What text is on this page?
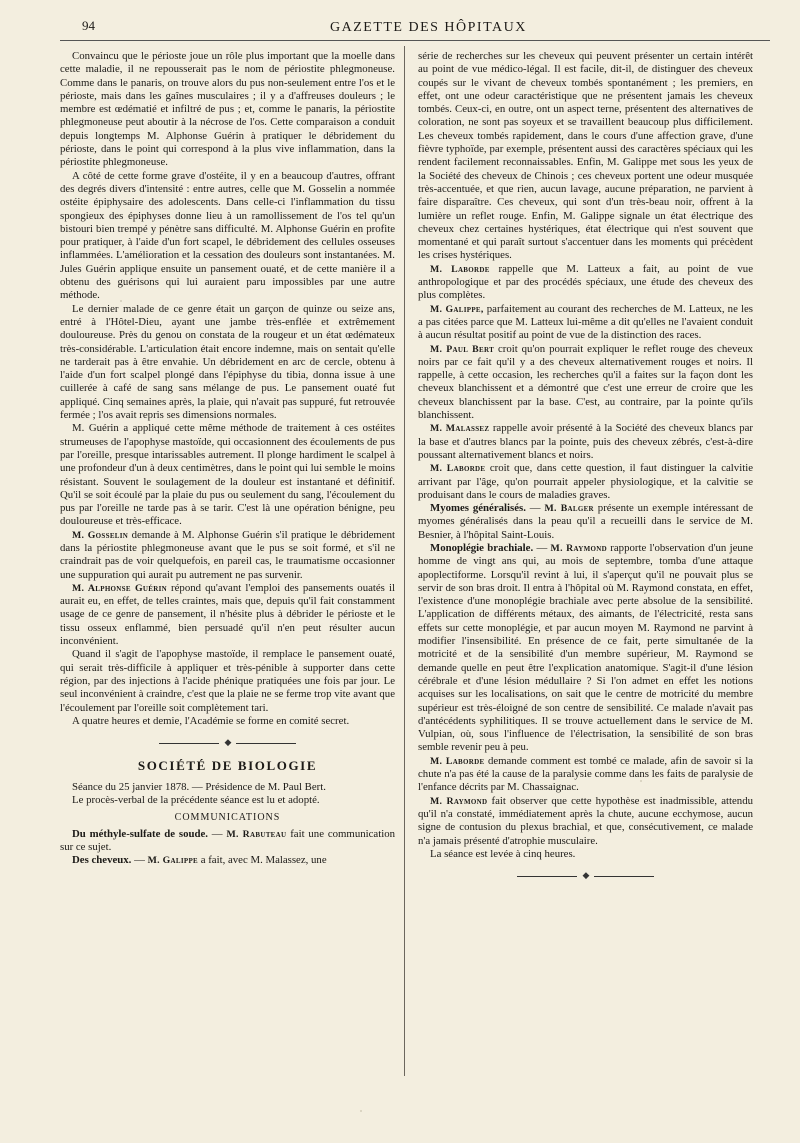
94	GAZETTE DES HÔPITAUX

Convaincu que le périoste joue un rôle plus important que la moelle dans cette maladie, il ne repousserait pas le nom de périostite phlegmoneuse. Comme dans le panaris, on trouve alors du pus non-seulement entre l'os et le périoste, mais dans les gaînes musculaires ; il y a d'affreuses douleurs ; le membre est œdématié et infiltré de pus ; et, comme le panaris, la périostite phlegmoneuse peut aboutir à la nécrose de l'os. Cette comparaison a conduit depuis longtemps M. Alphonse Guérin à pratiquer le débridement du périoste, dans le point qui correspond à la plus vive inflammation, dans la périostite phlegmoneuse.

A côté de cette forme grave d'ostéite, il y en a beaucoup d'autres, offrant des degrés divers d'intensité : entre autres, celle que M. Gosselin a nommée ostéite épiphysaire des adolescents. Dans celle-ci l'inflammation du tissu spongieux des épiphyses donne lieu à un ramollissement de l'os tel qu'un bistouri bien trempé y pénètre sans difficulté. M. Alphonse Guérin en profite pour pratiquer, à l'aide d'un fort scapel, le débridement des cellules osseuses inflammées. L'amélioration et la cessation des douleurs sont instantanées. M. Jules Guérin applique ensuite un pansement ouaté, et de cette manière il a obtenu des guérisons qui lui auraient paru impossibles par une autre méthode.

Le dernier malade de ce genre était un garçon de quinze ou seize ans, entré à l'Hôtel-Dieu, ayant une jambe très-enflée et extrêmement douloureuse. Près du genou on constata de la rougeur et un état œdémateux très-considérable. L'articulation était encore indemne, mais on sentait qu'elle ne tarderait pas à être envahie. Un débridement en arc de cercle, obtenu à l'aide d'un fort scalpel plongé dans l'épiphyse du tibia, donna issue à une cuillerée à café de sang sans mélange de pus. Le pansement ouaté fut appliqué. Cinq semaines après, la plaie, qui n'avait pas suppuré, fut retrouvée fermée ; l'os avait repris ses dimensions normales.

M. Guérin a appliqué cette même méthode de traitement à ces ostéites strumeuses de l'apophyse mastoïde, qui occasionnent des écoulements de pus par l'oreille, presque intarissables autrement. Il plonge hardiment le scalpel à une profondeur d'un à deux centimètres, dans le point qui lui semble le moins résistant. Souvent le soulagement de la douleur est instantané et définitif. Qu'il se soit écoulé par la plaie du pus ou seulement du sang, l'écoulement du pus par l'oreille ne tarde pas à se tarir. C'est là une opération bénigne, peu douloureuse et très-efficace.

M. Gosselin demande à M. Alphonse Guérin s'il pratique le débridement dans la périostite phlegmoneuse avant que le pus se soit formé, et s'il ne craindrait pas de voir quelquefois, en pareil cas, le traumatisme occasionner une suppuration qui aurait pu autrement ne pas survenir.

M. Alphonse Guérin répond qu'avant l'emploi des pansements ouatés il aurait eu, en effet, de telles craintes, mais que, depuis qu'il fait constamment usage de ce genre de pansement, il n'hésite plus à débrider le périoste et le tissu osseux enflammé, bien persuadé qu'il n'en peut résulter aucun inconvénient.

Quand il s'agit de l'apophyse mastoïde, il remplace le pansement ouaté, qui serait très-difficile à appliquer et très-pénible à supporter dans cette région, par des injections à l'acide phénique pratiquées une fois par jour. Le seul inconvénient à craindre, c'est que la plaie ne se ferme trop vite avant que l'écoulement par l'oreille soit complètement tari.

A quatre heures et demie, l'Académie se forme en comité secret.

◆
SOCIÉTÉ DE BIOLOGIE

Séance du 25 janvier 1878. — Présidence de M. Paul Bert.

Le procès-verbal de la précédente séance est lu et adopté.

COMMUNICATIONS

Du méthyle-sulfate de soude. — M. Rabuteau fait une communication sur ce sujet.

Des cheveux. — M. Galippe a fait, avec M. Malassez, une

série de recherches sur les cheveux qui peuvent présenter un certain intérêt au point de vue médico-légal. Il est facile, dit-il, de distinguer des cheveux coupés sur le vivant de cheveux tombés spontanément ; les premiers, en effet, ont une odeur caractéristique que ne présentent jamais les cheveux tombés. Ceux-ci, en outre, ont un aspect terne, présentent des alternatives de coloration, ne sont pas soyeux et se travaillent beaucoup plus difficilement. Les cheveux tombés rapidement, dans le cours d'une affection grave, d'une fièvre typhoïde, par exemple, présentent aussi des caractères spéciaux qui les rendent facilement reconnaissables. Enfin, M. Galippe met sous les yeux de la Société des cheveux de Chinois ; ces cheveux portent une odeur musquée très-accentuée, et que rien, aucun lavage, aucune préparation, ne parvient à faire disparaître. Ces cheveux, qui sont d'un très-beau noir, offrent à la lumière un reflet rouge. Enfin, M. Galippe signale un état électrique des cheveux chez certaines hystériques, état électrique qui n'est souvent que momentané et qui paraît surtout s'accentuer dans les moments qui précèdent les crises hystériques.

M. Laborde rappelle que M. Latteux a fait, au point de vue anthropologique et par des procédés spéciaux, une étude des cheveux des plus complètes.

M. Galippe, parfaitement au courant des recherches de M. Latteux, ne les a pas citées parce que M. Latteux lui-même a dit qu'elles ne l'avaient conduit à aucun résultat positif au point de vue de la distinction des races.

M. Paul Bert croit qu'on pourrait expliquer le reflet rouge des cheveux noirs par ce fait qu'il y a des cheveux alternativement rouges et noirs. Il rappelle, à cette occasion, les recherches qu'il a faites sur la façon dont les cheveux blanchissent et a démontré que c'est une erreur de croire que les cheveux blanchissent par la base. C'est, au contraire, par la pointe qu'ils blanchissent.

M. Malassez rappelle avoir présenté à la Société des cheveux blancs par la base et d'autres blancs par la pointe, puis des cheveux zébrés, c'est-à-dire poussant alternativement blancs et noirs.

M. Laborde croit que, dans cette question, il faut distinguer la calvitie arrivant par l'âge, qu'on pourrait appeler physiologique, et la calvitie se produisant dans le cours de maladies graves.

Myomes généralisés. — M. Balger présente un exemple intéressant de myomes généralisés dans la peau qu'il a recueilli dans le service de M. Besnier, à l'hôpital Saint-Louis.

Monoplégie brachiale. — M. Raymond rapporte l'observation d'un jeune homme de vingt ans qui, au mois de septembre, tomba d'une attaque apoplectiforme. Lorsqu'il revint à lui, il s'aperçut qu'il ne pouvait plus se servir de son bras droit. Il entra à l'hôpital où M. Raymond constata, en effet, l'existence d'une monoplégie brachiale avec perte absolue de la sensibilité. L'application de différents métaux, des aimants, de l'électricité, resta sans effets sur cette monoplégie, et par aucun moyen M. Raymond ne parvint à modifier l'insensibilité. En présence de ce fait, perte simultanée de la motricité et de la sensibilité d'un membre supérieur, M. Raymond se demande quelle en peut être l'explication anatomique. S'agit-il d'une lésion cérébrale et d'une lésion médullaire ? Si l'on admet en effet les notions acquises sur les localisations, on sait que le centre de motricité du membre supérieur est très-éloigné de son centre de sensibilité. Ce malade n'avait pas d'antécédents syphilitiques. Il se trouve actuellement dans le service de M. Vulpian, où, sous l'influence de l'électrisation, la sensibilité de son bras semble revenir peu à peu.

M. Laborde demande comment est tombé ce malade, afin de savoir si la chute n'a pas été la cause de la paralysie comme dans les faits de paralysie de l'enfance décrits par M. Chassaignac.

M. Raymond fait observer que cette hypothèse est inadmissible, attendu qu'il n'a constaté, immédiatement après la chute, aucune ecchymose, aucun signe de contusion du plexus brachial, et que, consécutivement, ce malade n'a jamais présenté d'atrophie musculaire.

La séance est levée à cinq heures.

◆
